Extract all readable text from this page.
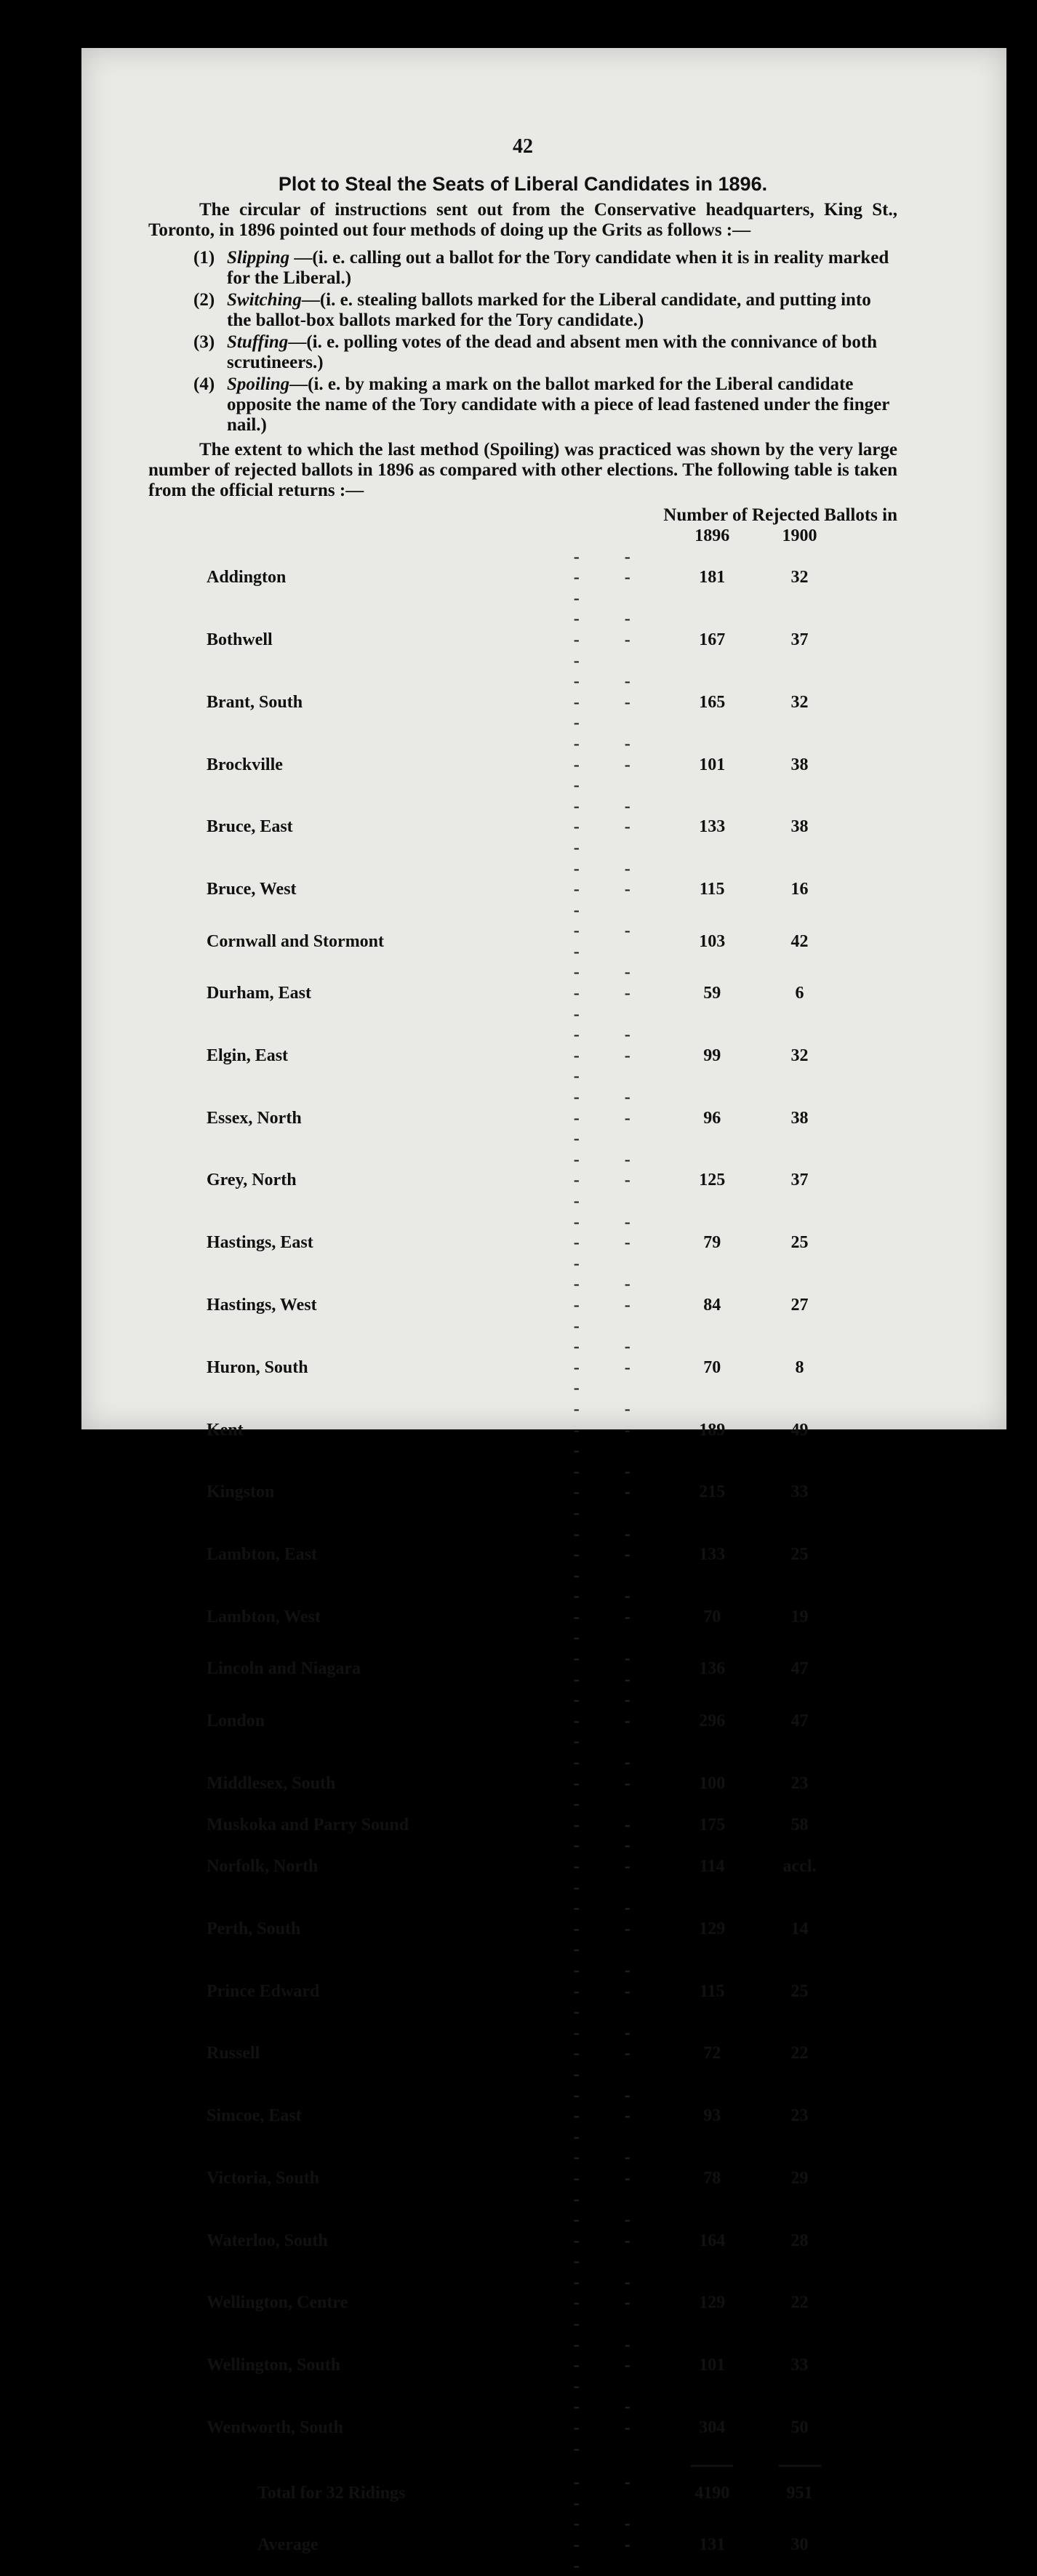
42
Plot to Steal the Seats of Liberal Candidates in 1896.

The circular of instructions sent out from the Conservative headquarters, King St., Toronto, in 1896 pointed out four methods of doing up the Grits as follows :—

(1) Slipping —(i. e. calling out a ballot for the Tory candidate when it is in reality marked for the Liberal.)
(2) Switching—(i. e. stealing ballots marked for the Liberal candidate, and putting into the ballot-box ballots marked for the Tory candidate.)
(3) Stuffing—(i. e. polling votes of the dead and absent men with the connivance of both scrutineers.)
(4) Spoiling—(i. e. by making a mark on the ballot marked for the Liberal candidate opposite the name of the Tory candidate with a piece of lead fastened under the finger nail.)

The extent to which the last method (Spoiling) was practiced was shown by the very large number of rejected ballots in 1896 as compared with other elections. The following table is taken from the official returns :—

Number of Rejected Ballots in
		1896	1900
Addington	- - - - -	181	32
Bothwell	- - - - -	167	37
Brant, South	- - - - -	165	32
Brockville	- - - - -	101	38
Bruce, East	- - - - -	133	38
Bruce, West	- - - - -	115	16
Cornwall and Stormont	- - -	103	42
Durham, East	- - - - -	59	6
Elgin, East	- - - - -	99	32
Essex, North	- - - - -	96	38
Grey, North	- - - - -	125	37
Hastings, East	- - - - -	79	25
Hastings, West	- - - - -	84	27
Huron, South	- - - - -	70	8
Kent	- - - - -	189	49
Kingston	- - - - -	215	33
Lambton, East	- - - - -	133	25
Lambton, West	- - - - -	70	19
Lincoln and Niagara	- - - -	136	47
London	- - - - -	296	47
Middlesex, South	- - - - -	100	23
Muskoka and Parry Sound	- -	175	58
Norfolk, North	- - - - -	114	accl.
Perth, South	- - - - -	129	14
Prince Edward	- - - - -	115	25
Russell	- - - - -	72	22
Simcoe, East	- - - - -	93	23
Victoria, South	- - - - -	78	29
Waterloo, South	- - - - -	164	28
Wellington, Centre	- - - - -	129	22
Wellington, South	- - - - -	101	33
Wentworth, South	- - - - -	304	50

Total for 32 Ridings	- - -	4190	951
Average	- - - - -	131	30
